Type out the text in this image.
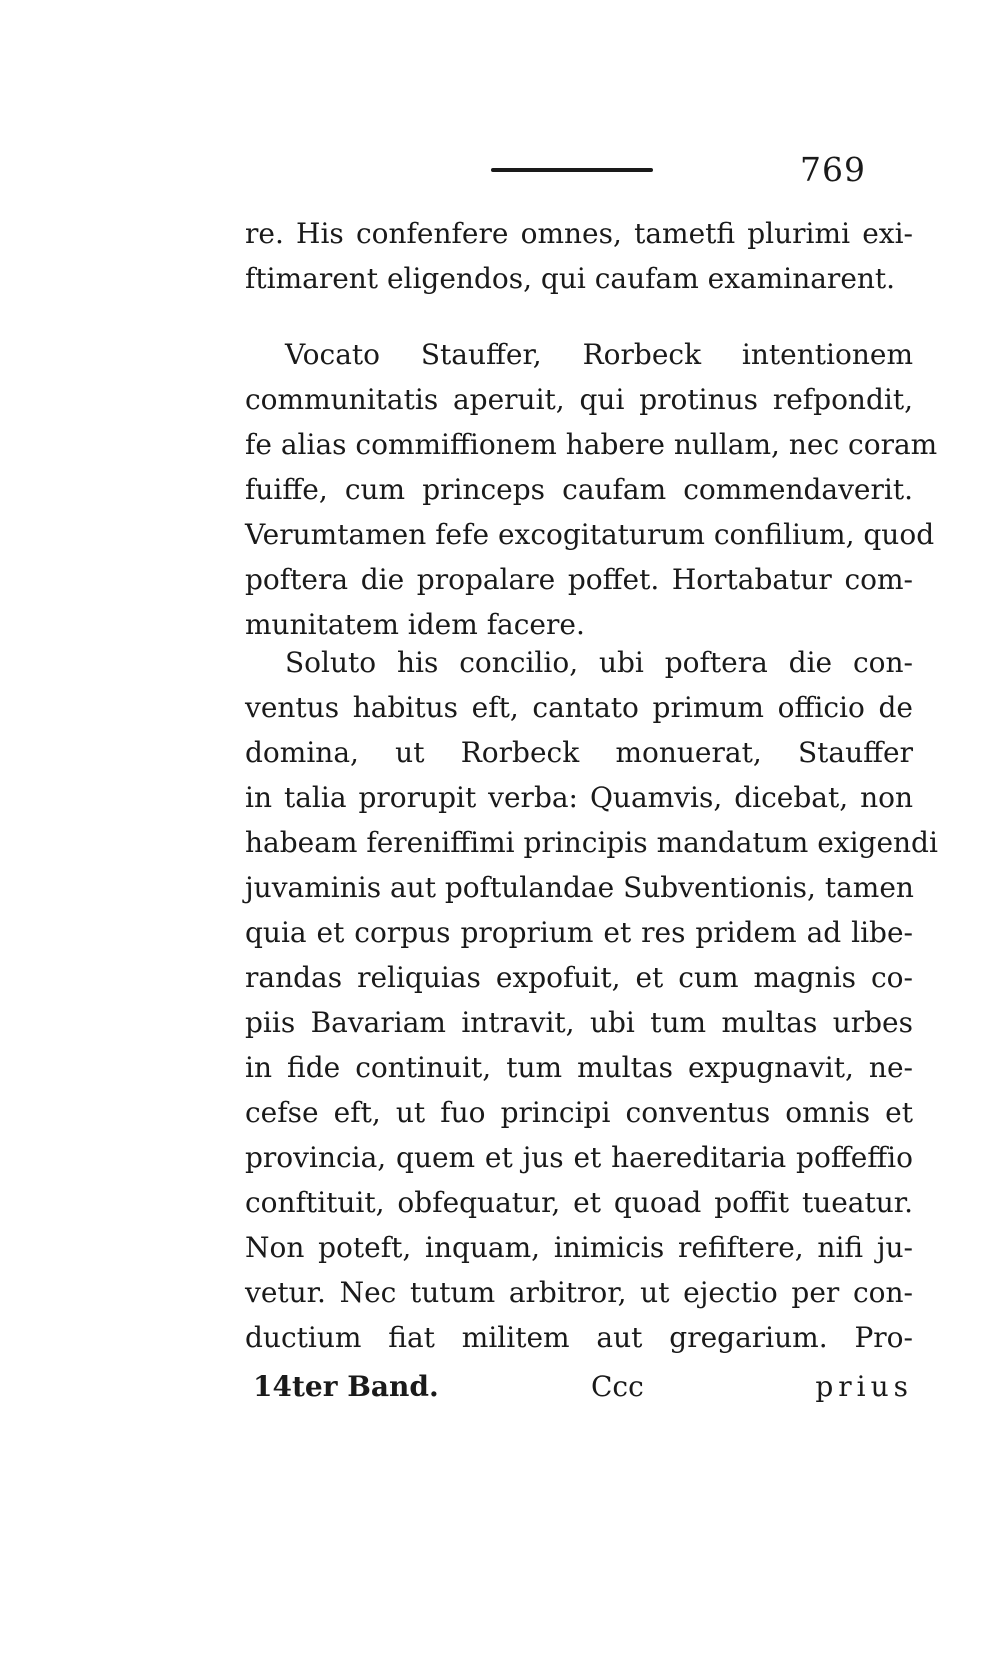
769
re. His confenfere omnes, tametfi plurimi exi-
ftimarent eligendos, qui caufam examinarent.
Vocato Stauffer, Rorbeck intentionem
communitatis aperuit, qui protinus refpondit,
fe alias commiffionem habere nullam, nec coram
fuiffe, cum princeps caufam commendaverit.
Verumtamen fefe excogitaturum confilium, quod
poftera die propalare poffet. Hortabatur com-
munitatem idem facere.
Soluto his concilio, ubi poftera die con-
ventus habitus eft, cantato primum officio de
domina, ut Rorbeck monuerat, Stauffer
in talia prorupit verba: Quamvis, dicebat, non
habeam fereniffimi principis mandatum exigendi
juvaminis aut poftulandae Subventionis, tamen
quia et corpus proprium et res pridem ad libe-
randas reliquias expofuit, et cum magnis co-
piis Bavariam intravit, ubi tum multas urbes
in fide continuit, tum multas expugnavit, ne-
cefse eft, ut fuo principi conventus omnis et
provincia, quem et jus et haereditaria poffeffio
conftituit, obfequatur, et quoad poffit tueatur.
Non poteft, inquam, inimicis refiftere, nifi ju-
vetur. Nec tutum arbitror, ut ejectio per con-
ductium fiat militem aut gregarium. Pro-
14ter Band.	Ccc	prius
